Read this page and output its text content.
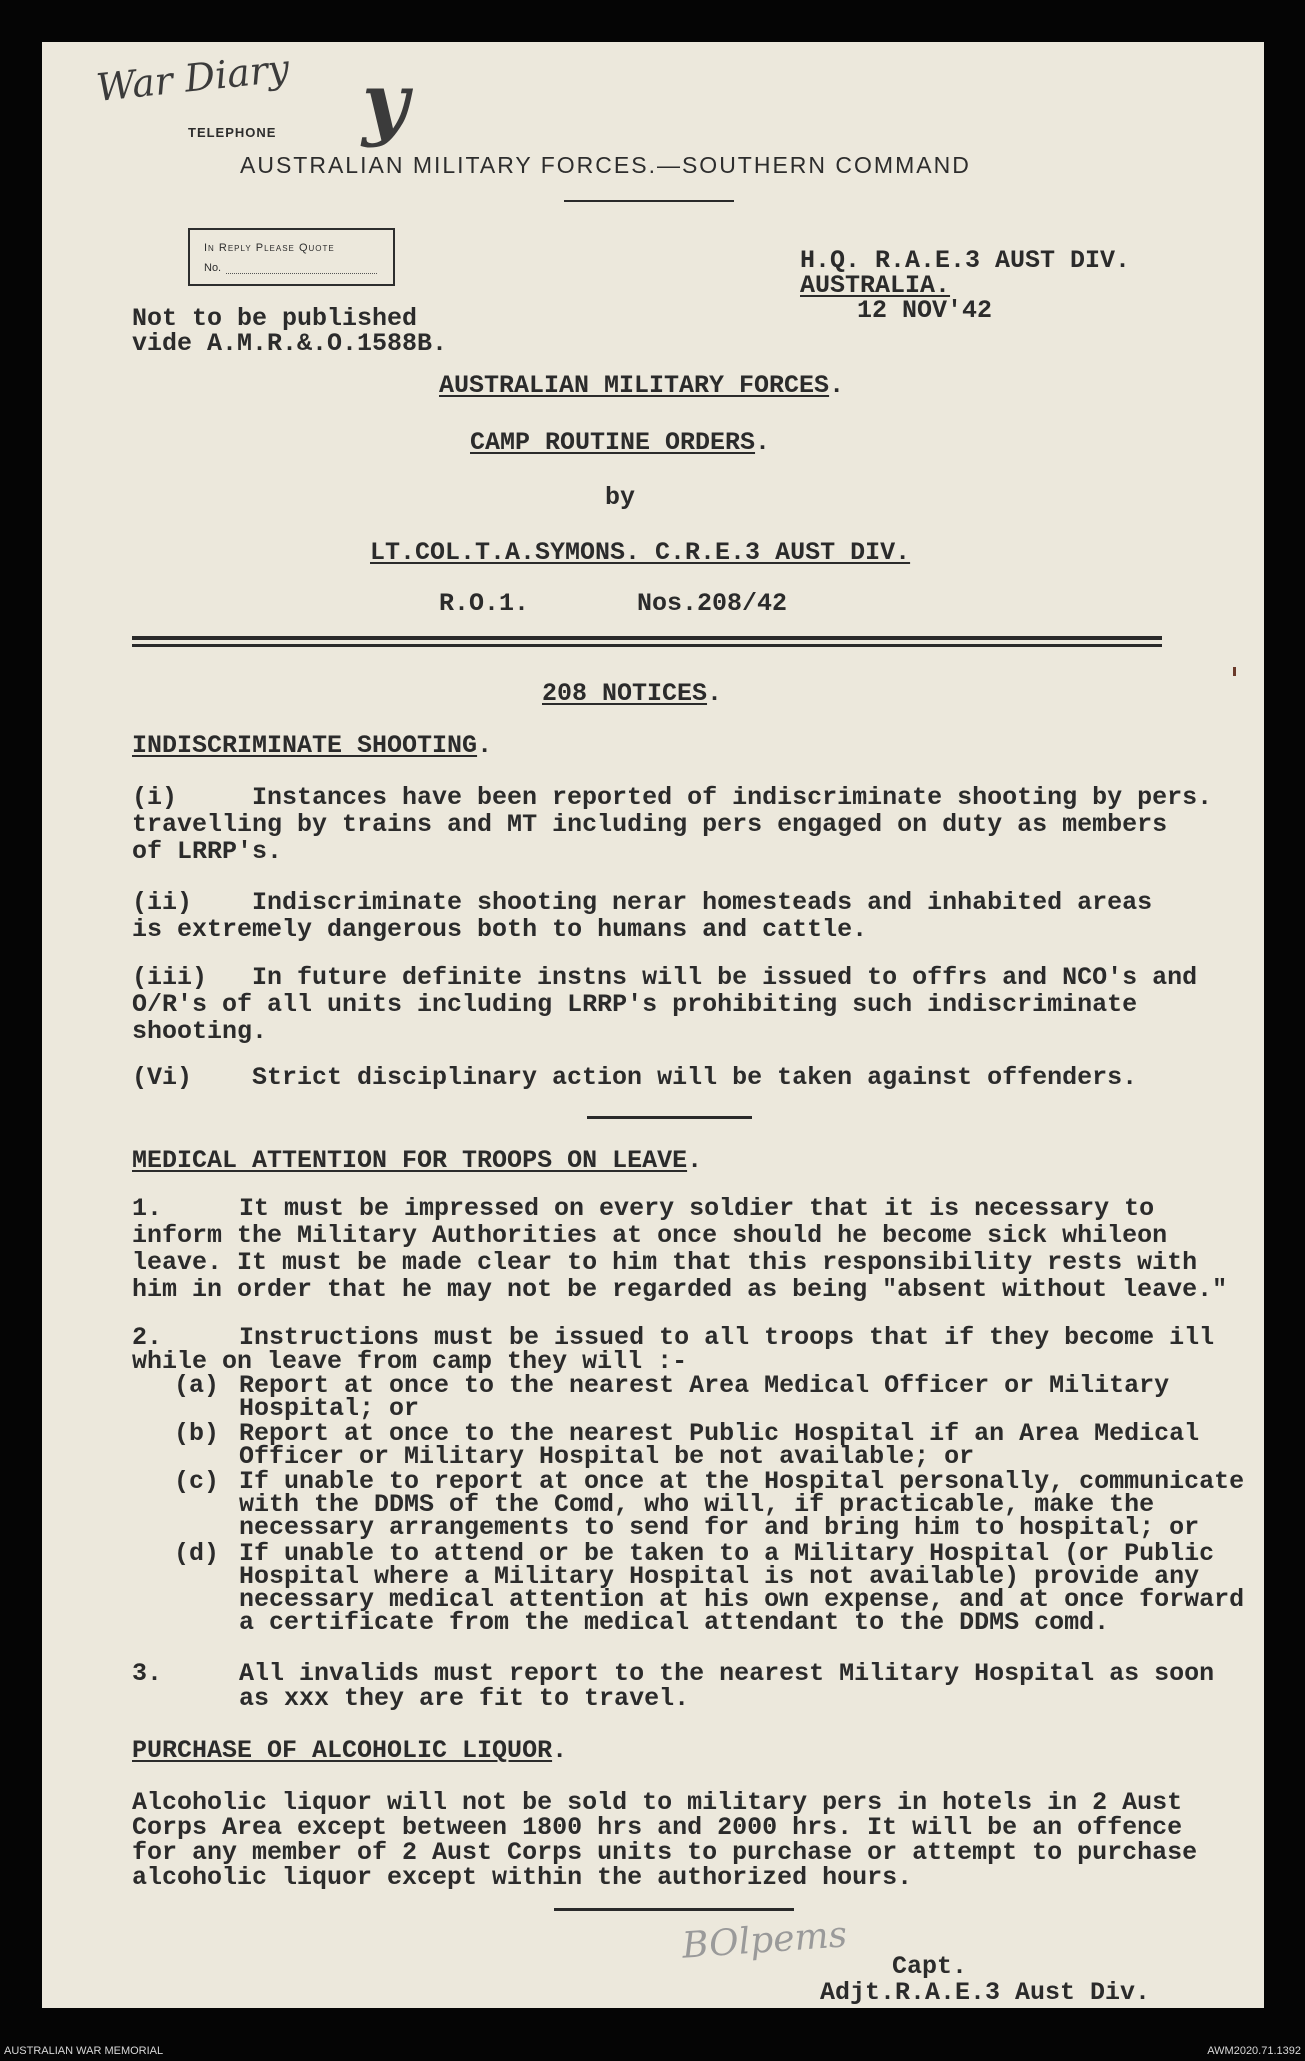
War Diary y
TELEPHONE
AUSTRALIAN MILITARY FORCES.—SOUTHERN COMMAND
In Reply Please Quote
No.	H.Q. R.A.E.3 AUST DIV.
AUSTRALIA.
12 NOV'42
Not to be published
vide A.M.R.&.O.1588B.
AUSTRALIAN MILITARY FORCES.
CAMP ROUTINE ORDERS.
by
LT.COL.T.A.SYMONS. C.R.E.3 AUST DIV.
R.O.1.	Nos.208/42
208 NOTICES.
INDISCRIMINATE SHOOTING.
(i)	Instances have been reported of indiscriminate shooting by pers.
travelling by trains and MT including pers engaged on duty as members
of LRRP's.
(ii) Indiscriminate shooting nerar homesteads and inhabited areas
is extremely dangerous both to humans and cattle.
(iii) In future definite instns will be issued to offrs and NCO's and
O/R's of all units including LRRP's prohibiting such indiscriminate
shooting.
(Vi) Strict disciplinary action will be taken against offenders.
MEDICAL ATTENTION FOR TROOPS ON LEAVE.
1.	It must be impressed on every soldier that it is necessary to
inform the Military Authorities at once should he become sick whileon
leave. It must be made clear to him that this responsibility rests with
him in order that he may not be regarded as being "absent without leave."
2.	Instructions must be issued to all troops that if they become ill
while on leave from camp they will :-
(a) Report at once to the nearest Area Medical Officer or Military
Hospital; or
(b) Report at once to the nearest Public Hospital if an Area Medical
Officer or Military Hospital be not available; or
(c) If unable to report at once at the Hospital personally, communicate
with the DDMS of the Comd, who will, if practicable, make the
necessary arrangements to send for and bring him to hospital; or
(d) If unable to attend or be taken to a Military Hospital (or Public
Hospital where a Military Hospital is not available) provide any
necessary medical attention at his own expense, and at once forward
a certificate from the medical attendant to the DDMS comd.
3.	All invalids must report to the nearest Military Hospital as soon
as xxx they are fit to travel.
PURCHASE OF ALCOHOLIC LIQUOR.
Alcoholic liquor will not be sold to military pers in hotels in 2 Aust
Corps Area except between 1800 hrs and 2000 hrs. It will be an offence
for any member of 2 Aust Corps units to purchase or attempt to purchase
alcoholic liquor except within the authorized hours.
BOlpems Capt.
Adjt.R.A.E.3 Aust Div.
AUSTRALIAN WAR MEMORIAL	AWM2020.71.1392
